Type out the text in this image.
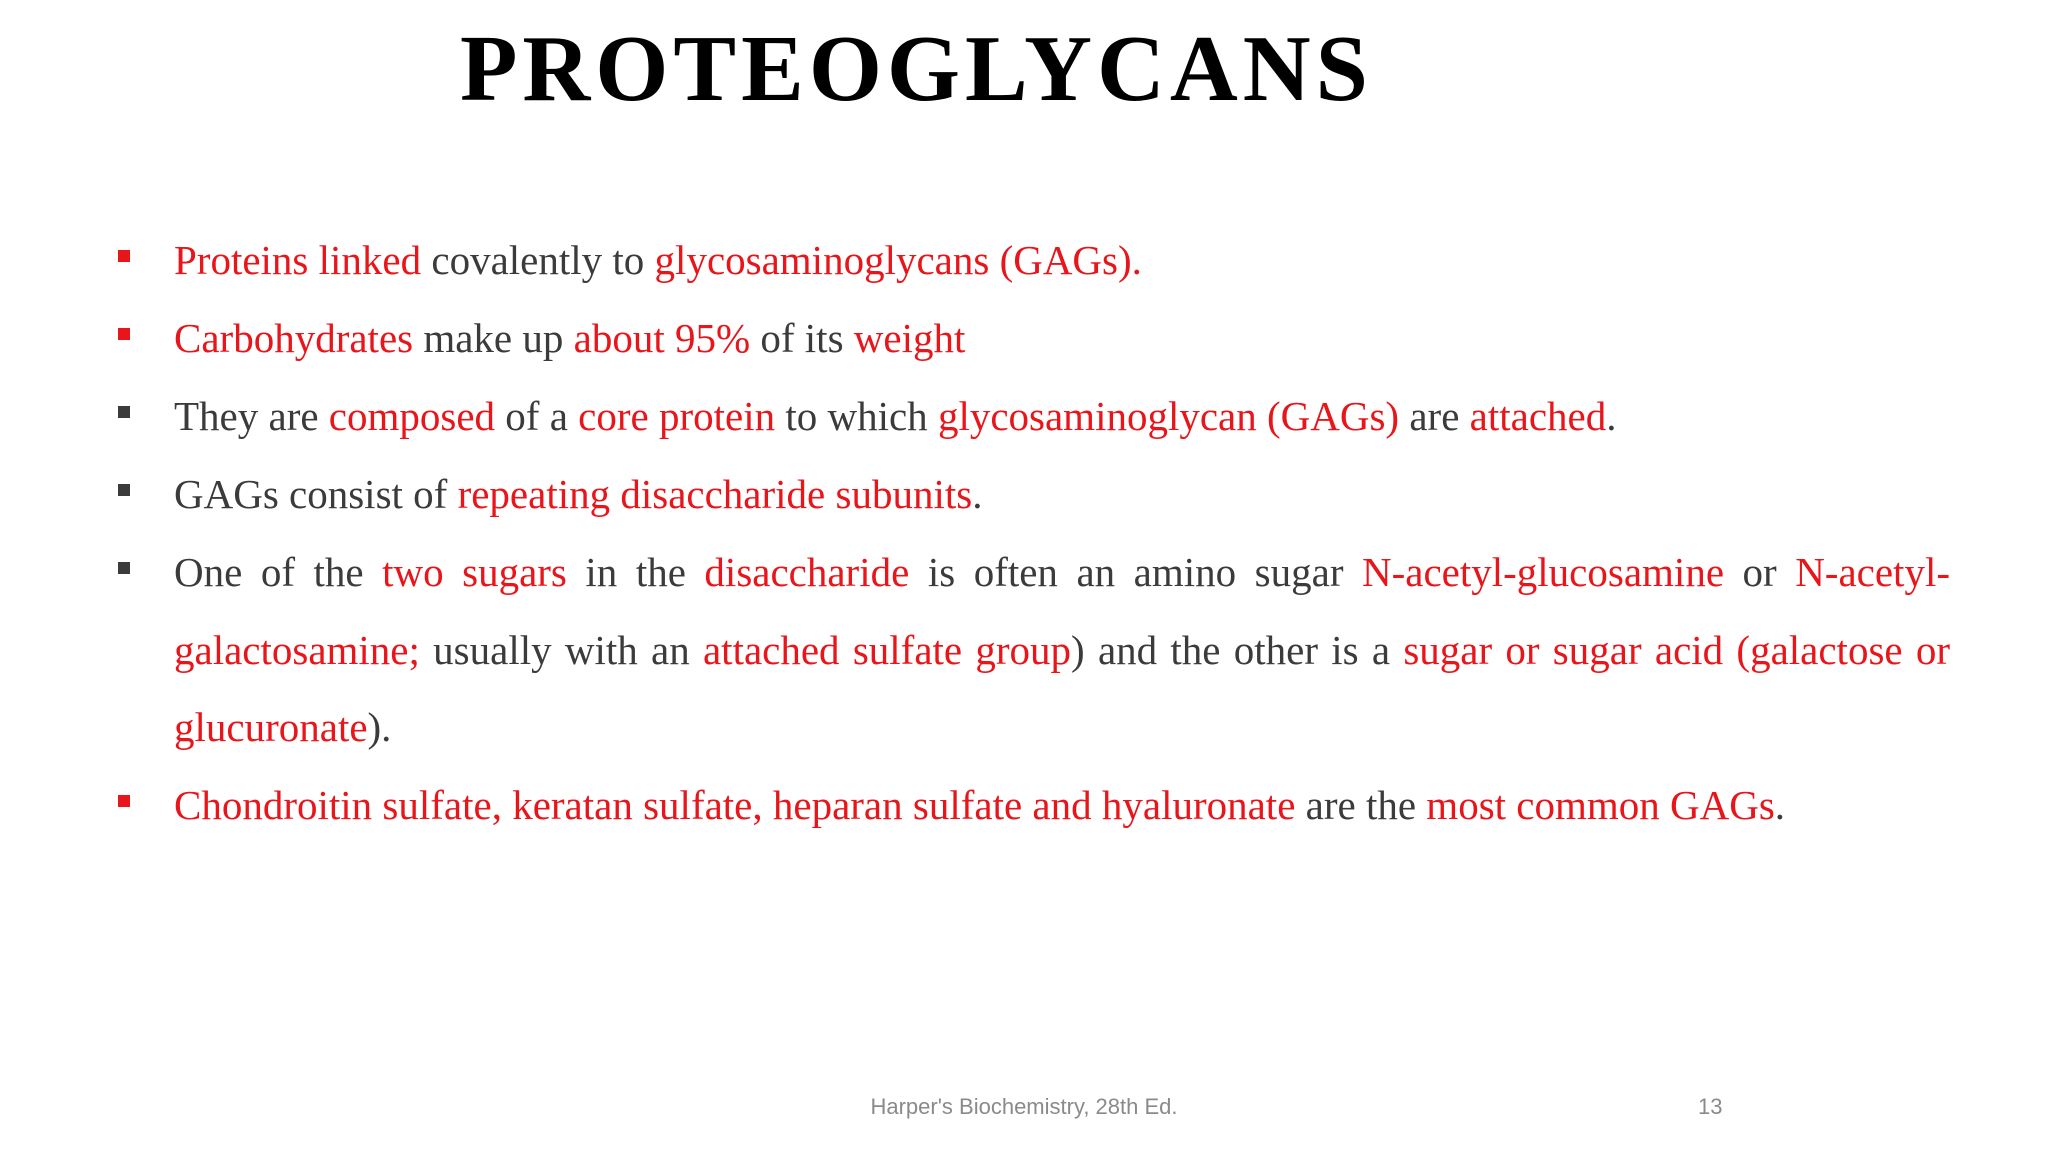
PROTEOGLYCANS
Proteins linked covalently to glycosaminoglycans (GAGs).
Carbohydrates make up about 95% of its weight
They are composed of a core protein to which glycosaminoglycan (GAGs) are attached.
GAGs consist of repeating disaccharide subunits.
One of the two sugars in the disaccharide is often an amino sugar N-acetyl-glucosamine or N-acetyl-galactosamine; usually with an attached sulfate group) and the other is a sugar or sugar acid (galactose or glucuronate).
Chondroitin sulfate, keratan sulfate, heparan sulfate and hyaluronate are the most common GAGs.
Harper's Biochemistry, 28th Ed.	13
